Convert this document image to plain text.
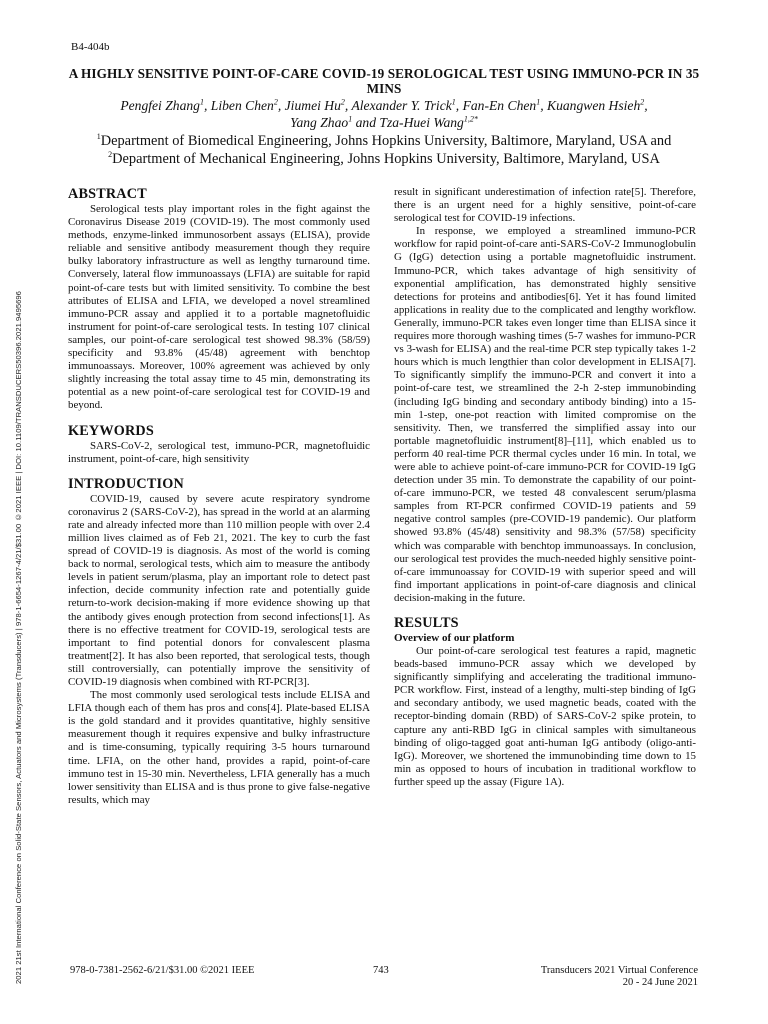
B4-404b
A HIGHLY SENSITIVE POINT-OF-CARE COVID-19 SEROLOGICAL TEST USING IMMUNO-PCR IN 35 MINS
Pengfei Zhang$^1$, Liben Chen$^2$, Jiumei Hu$^2$, Alexander Y. Trick$^1$, Fan-En Chen$^1$, Kuangwen Hsieh$^2$,
Yang Zhao$^1$ and Tza-Huei Wang$^{1,2*}$
$^1$Department of Biomedical Engineering, Johns Hopkins University, Baltimore, Maryland, USA and
$^2$Department of Mechanical Engineering, Johns Hopkins University, Baltimore, Maryland, USA
2021 21st International Conference on Solid-State Sensors, Actuators and Microsystems (Transducers) | 978-1-6654-1267-4/21/$31.00 ©2021 IEEE | DOI: 10.1109/TRANSDUCERS50396.2021.9495696
ABSTRACT

Serological tests play important roles in the fight against the Coronavirus Disease 2019 (COVID-19). The most commonly used methods, enzyme-linked immunosorbent assays (ELISA), provide reliable and sensitive antibody measurement though they require bulky laboratory infrastructure as well as lengthy turnaround time. Conversely, lateral flow immunoassays (LFIA) are suitable for rapid point-of-care tests but with limited sensitivity. To combine the best attributes of ELISA and LFIA, we developed a novel streamlined immuno-PCR assay and applied it to a portable magnetofluidic instrument for point-of-care serological tests. In testing 107 clinical samples, our point-of-care serological test showed 98.3% (58/59) specificity and 93.8% (45/48) agreement with benchtop immunoassays. Moreover, 100% agreement was achieved by only slightly increasing the total assay time to 45 min, demonstrating its potential as a new point-of-care serological test for COVID-19 and beyond.

KEYWORDS

SARS-CoV-2, serological test, immuno-PCR, magnetofluidic instrument, point-of-care, high sensitivity

INTRODUCTION

COVID-19, caused by severe acute respiratory syndrome coronavirus 2 (SARS-CoV-2), has spread in the world at an alarming rate and already infected more than 110 million people with over 2.4 million lives claimed as of Feb 21, 2021. The key to curb the fast spread of COVID-19 is diagnosis. As most of the world is coming back to normal, serological tests, which aim to measure the antibody levels in patient serum/plasma, play an important role to detect past infection, decide community infection rate and potentially guide return-to-work decision-making if more evidence showing up that the antibody gives enough protection from second infections[1]. As there is no effective treatment for COVID-19, serological tests are important to find potential donors for convalescent plasma treatment[2]. It has also been reported, that serological tests, though still controversially, can potentially improve the sensitivity of COVID-19 diagnosis when combined with RT-PCR[3].

The most commonly used serological tests include ELISA and LFIA though each of them has pros and cons[4]. Plate-based ELISA is the gold standard and it provides quantitative, highly sensitive measurement though it requires expensive and bulky infrastructure and is time-consuming, typically requiring 3-5 hours turnaround time. LFIA, on the other hand, provides a rapid, point-of-care immuno test in 15-30 min. Nevertheless, LFIA generally has a much lower sensitivity than ELISA and is thus prone to give false-negative results, which may

result in significant underestimation of infection rate[5]. Therefore, there is an urgent need for a highly sensitive, point-of-care serological test for COVID-19 infections.

In response, we employed a streamlined immuno-PCR workflow for rapid point-of-care anti-SARS-CoV-2 Immunoglobulin G (IgG) detection using a portable magnetofluidic instrument. Immuno-PCR, which takes advantage of high sensitivity of exponential amplification, has demonstrated highly sensitive detections for proteins and antibodies[6]. Yet it has found limited applications in reality due to the complicated and lengthy workflow. Generally, immuno-PCR takes even longer time than ELISA since it requires more thorough washing times (5-7 washes for immuno-PCR vs 3-wash for ELISA) and the real-time PCR step typically takes 1-2 hours which is much lengthier than color development in ELISA[7]. To significantly simplify the immuno-PCR and convert it into a point-of-care test, we streamlined the 2-h 2-step immunobinding (including IgG binding and secondary antibody binding) into a 15-min 1-step, one-pot reaction with limited compromise on the sensitivity. Then, we transferred the simplified assay into our portable magnetofluidic instrument[8]–[11], which enabled us to perform 40 real-time PCR thermal cycles under 16 min. In total, we were able to achieve point-of-care immuno-PCR for COVID-19 IgG detection under 35 min. To demonstrate the capability of our point-of-care immuno-PCR, we tested 48 convalescent serum/plasma samples from RT-PCR confirmed COVID-19 patients and 59 negative control samples (pre-COVID-19 pandemic). Our platform showed 93.8% (45/48) sensitivity and 98.3% (57/58) specificity which was comparable with benchtop immunoassays. In conclusion, our serological test provides the much-needed highly sensitive point-of-care immunoassay for COVID-19 with superior speed and will find important applications in point-of-care diagnosis and clinical decision-making in the future.

RESULTS
Overview of our platform

Our point-of-care serological test features a rapid, magnetic beads-based immuno-PCR assay which we developed by significantly simplifying and accelerating the traditional immuno-PCR workflow. First, instead of a lengthy, multi-step binding of IgG and secondary antibody, we used magnetic beads, coated with the receptor-binding domain (RBD) of SARS-CoV-2 spike protein, to capture any anti-RBD IgG in clinical samples with simultaneous binding of oligo-tagged goat anti-human IgG antibody (oligo-anti-IgG). Moreover, we shortened the immunobinding time down to 15 min as opposed to hours of incubation in traditional workflow to further speed up the assay (Figure 1A).

978-0-7381-2562-6/21/$31.00 ©2021 IEEE	743	Transducers 2021 Virtual Conference
20 - 24 June 2021
